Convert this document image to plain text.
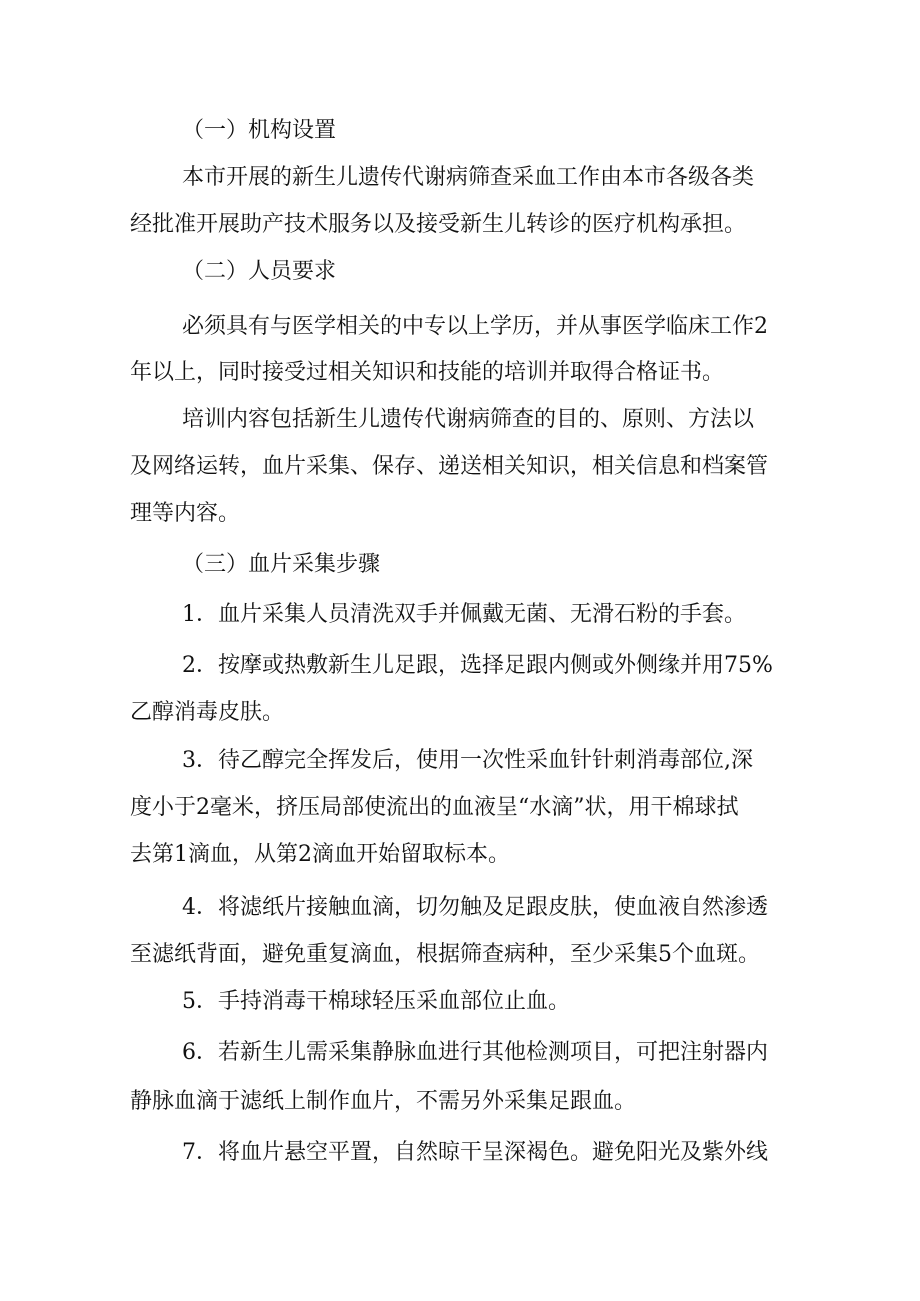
（一）机构设置
本市开展的新生儿遗传代谢病筛查采血工作由本市各级各类
经批准开展助产技术服务以及接受新生儿转诊的医疗机构承担。
（二）人员要求
必须具有与医学相关的中专以上学历，并从事医学临床工作2
年以上，同时接受过相关知识和技能的培训并取得合格证书。
培训内容包括新生儿遗传代谢病筛查的目的、原则、方法以
及网络运转，血片采集、保存、递送相关知识，相关信息和档案管
理等内容。
（三）血片采集步骤
1．血片采集人员清洗双手并佩戴无菌、无滑石粉的手套。
2．按摩或热敷新生儿足跟，选择足跟内侧或外侧缘并用75%
乙醇消毒皮肤。
3．待乙醇完全挥发后，使用一次性采血针针刺消毒部位,深
度小于2毫米，挤压局部使流出的血液呈“水滴”状，用干棉球拭
去第1滴血，从第2滴血开始留取标本。
4．将滤纸片接触血滴，切勿触及足跟皮肤，使血液自然渗透
至滤纸背面，避免重复滴血，根据筛查病种，至少采集5个血斑。
5．手持消毒干棉球轻压采血部位止血。
6．若新生儿需采集静脉血进行其他检测项目，可把注射器内
静脉血滴于滤纸上制作血片，不需另外采集足跟血。
7．将血片悬空平置，自然晾干呈深褐色。避免阳光及紫外线
